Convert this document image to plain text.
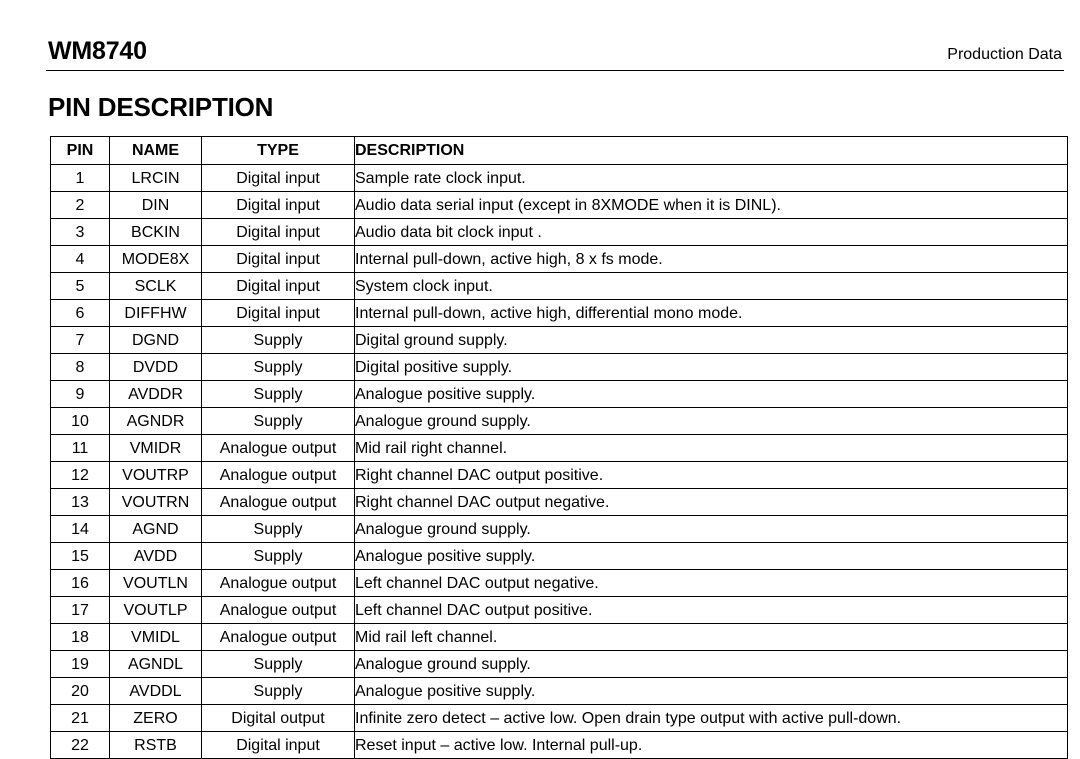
WM8740	Production Data
PIN DESCRIPTION
PIN	NAME	TYPE	DESCRIPTION
1	LRCIN	Digital input	Sample rate clock input.
2	DIN	Digital input	Audio data serial input (except in 8XMODE when it is DINL).
3	BCKIN	Digital input	Audio data bit clock input .
4	MODE8X	Digital input	Internal pull-down, active high, 8 x fs mode.
5	SCLK	Digital input	System clock input.
6	DIFFHW	Digital input	Internal pull-down, active high, differential mono mode.
7	DGND	Supply	Digital ground supply.
8	DVDD	Supply	Digital positive supply.
9	AVDDR	Supply	Analogue positive supply.
10	AGNDR	Supply	Analogue ground supply.
11	VMIDR	Analogue output	Mid rail right channel.
12	VOUTRP	Analogue output	Right channel DAC output positive.
13	VOUTRN	Analogue output	Right channel DAC output negative.
14	AGND	Supply	Analogue ground supply.
15	AVDD	Supply	Analogue positive supply.
16	VOUTLN	Analogue output	Left channel DAC output negative.
17	VOUTLP	Analogue output	Left channel DAC output positive.
18	VMIDL	Analogue output	Mid rail left channel.
19	AGNDL	Supply	Analogue ground supply.
20	AVDDL	Supply	Analogue positive supply.
21	ZERO	Digital output	Infinite zero detect – active low. Open drain type output with active pull-down.
22	RSTB	Digital input	Reset input – active low. Internal pull-up.
